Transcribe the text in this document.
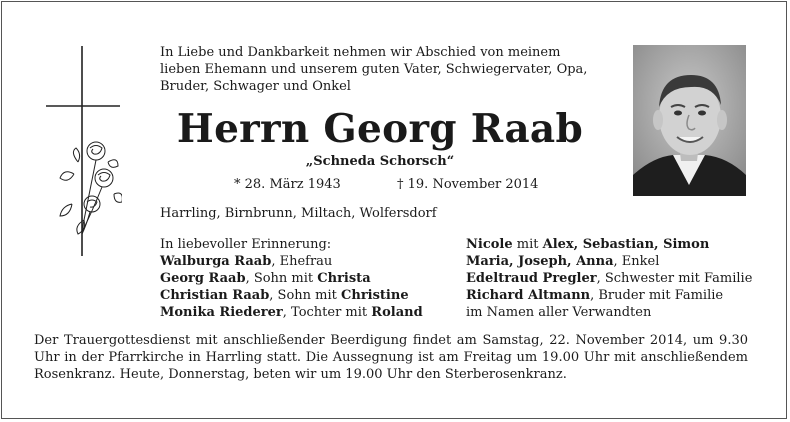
In Liebe und Dankbarkeit nehmen wir Abschied von meinem lieben Ehemann und unserem guten Vater, Schwiegervater, Opa, Bruder, Schwager und Onkel
Herrn Georg Raab
„Schneda Schorsch“
* 28. März 1943	† 19. November 2014
Harrling, Birnbrunn, Miltach, Wolfersdorf
In liebevoller Erinnerung:
Walburga Raab, Ehefrau
Georg Raab, Sohn mit Christa
Christian Raab, Sohn mit Christine
Monika Riederer, Tochter mit Roland
Nicole mit Alex, Sebastian, Simon
Maria, Joseph, Anna, Enkel
Edeltraud Pregler, Schwester mit Familie
Richard Altmann, Bruder mit Familie
im Namen aller Verwandten
Der Trauergottesdienst mit anschließender Beerdigung findet am Samstag, 22. November 2014, um 9.30 Uhr in der Pfarrkirche in Harrling statt. Die Aussegnung ist am Freitag um 19.00 Uhr mit anschließendem Rosenkranz. Heute, Donnerstag, beten wir um 19.00 Uhr den Sterberosenkranz.
